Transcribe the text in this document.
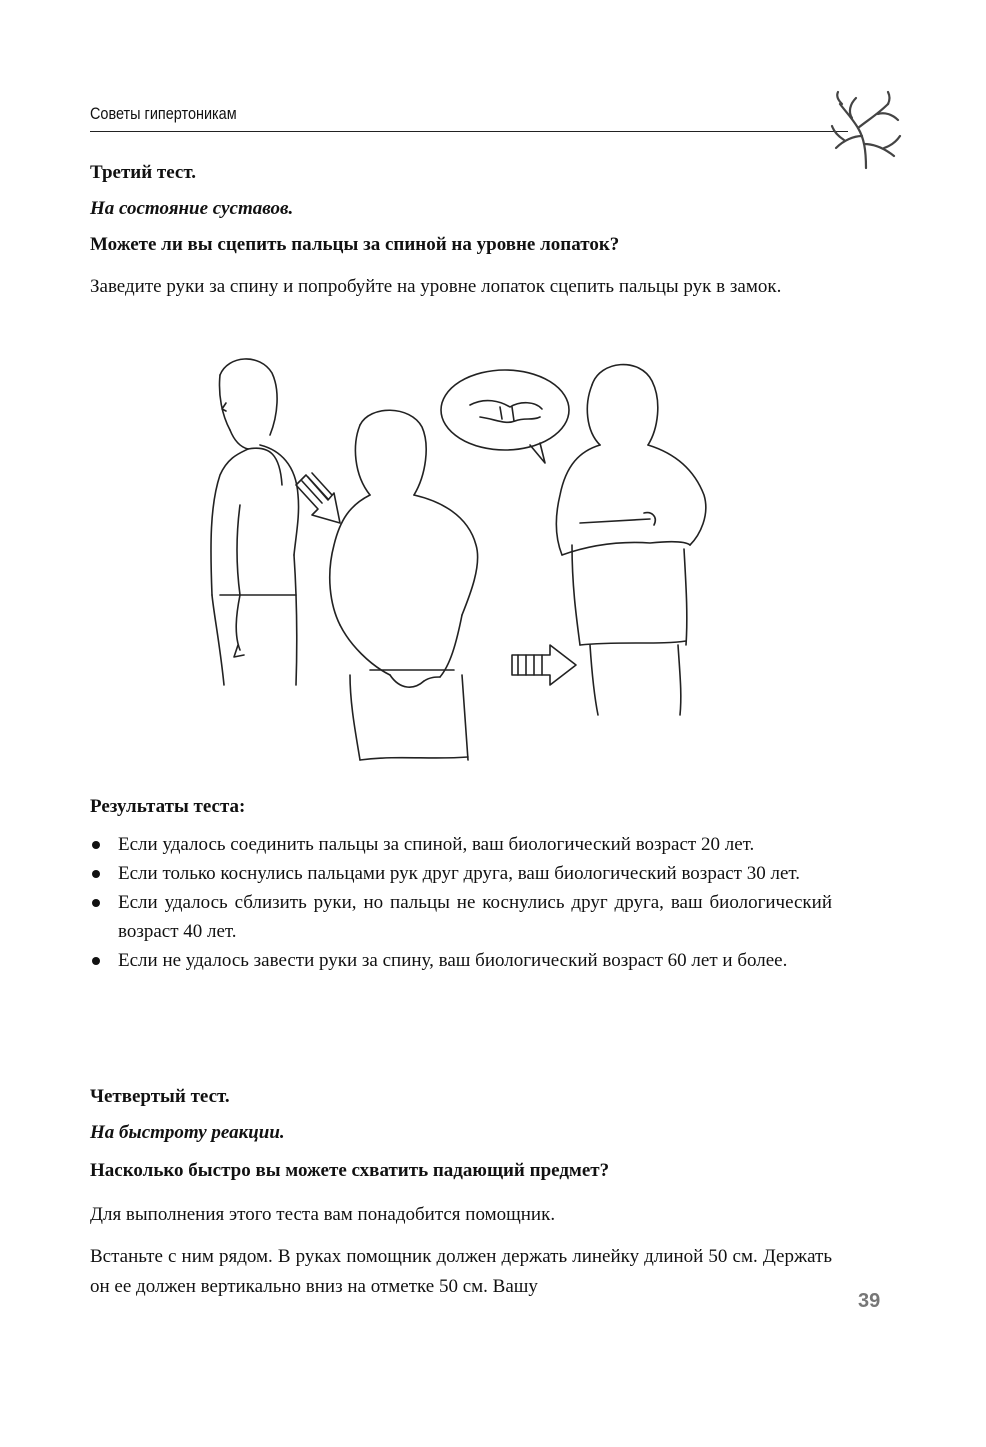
Советы гипертоникам

Третий тест.

На состояние суставов.

Можете ли вы сцепить пальцы за спиной на уровне лопаток?

Заведите руки за спину и попробуйте на уровне лопаток сцепить пальцы рук в замок.

Результаты теста:

Если удалось соединить пальцы за спиной, ваш биологический возраст 20 лет.
Если только коснулись пальцами рук друг друга, ваш биологический возраст 30 лет.
Если удалось сблизить руки, но пальцы не коснулись друг друга, ваш биологический возраст 40 лет.
Если не удалось завести руки за спину, ваш биологический возраст 60 лет и более.

Четвертый тест.

На быстроту реакции.

Насколько быстро вы можете схватить падающий предмет?

Для выполнения этого теста вам понадобится помощник.

Встаньте с ним рядом. В руках помощник должен держать линейку длиной 50 см. Держать он ее должен вертикально вниз на отметке 50 см. Вашу

39
